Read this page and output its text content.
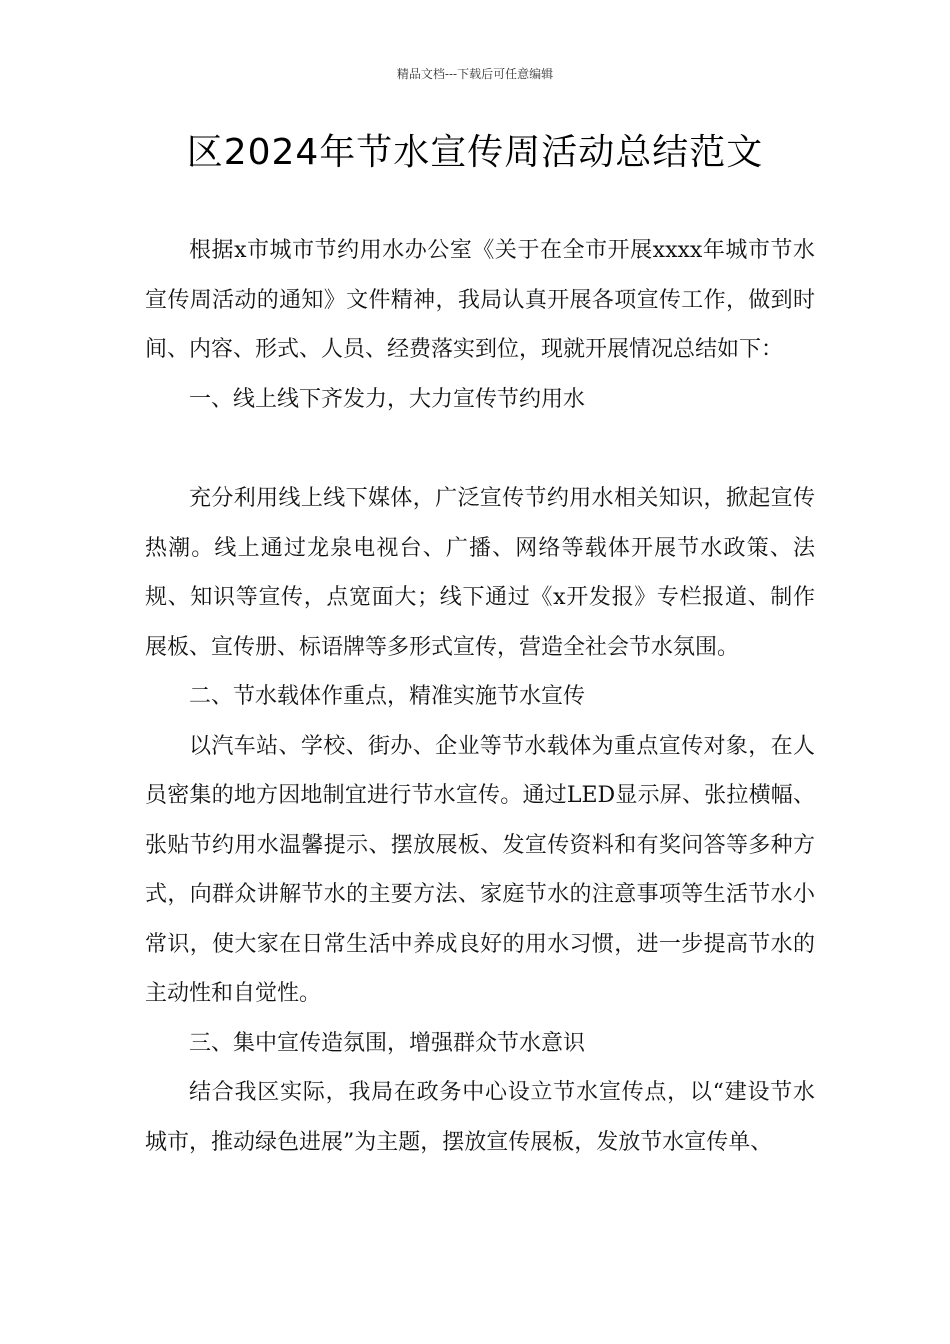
精品文档---下载后可任意编辑
区2024年节水宣传周活动总结范文

根据x市城市节约用水办公室《关于在全市开展xxxx年城市节水宣传周活动的通知》文件精神，我局认真开展各项宣传工作，做到时间、内容、形式、人员、经费落实到位，现就开展情况总结如下：

一、线上线下齐发力，大力宣传节约用水

充分利用线上线下媒体，广泛宣传节约用水相关知识，掀起宣传热潮。线上通过龙泉电视台、广播、网络等载体开展节水政策、法规、知识等宣传，点宽面大；线下通过《x开发报》专栏报道、制作展板、宣传册、标语牌等多形式宣传，营造全社会节水氛围。

二、节水载体作重点，精准实施节水宣传

以汽车站、学校、街办、企业等节水载体为重点宣传对象，在人员密集的地方因地制宜进行节水宣传。通过LED显示屏、张拉横幅、张贴节约用水温馨提示、摆放展板、发宣传资料和有奖问答等多种方式，向群众讲解节水的主要方法、家庭节水的注意事项等生活节水小常识，使大家在日常生活中养成良好的用水习惯，进一步提高节水的主动性和自觉性。

三、集中宣传造氛围，增强群众节水意识

结合我区实际，我局在政务中心设立节水宣传点，以“建设节水城市，推动绿色进展”为主题，摆放宣传展板，发放节水宣传单、
